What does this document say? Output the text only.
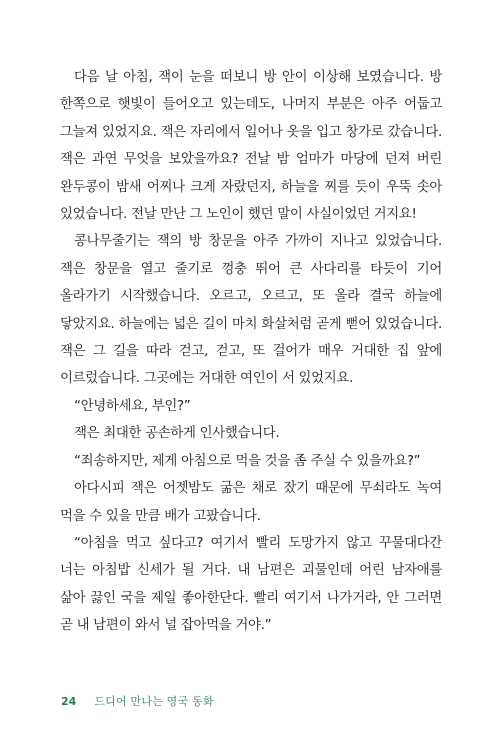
다음 날 아침, 잭이 눈을 떠보니 방 안이 이상해 보였습니다. 방 한쪽으로 햇빛이 들어오고 있는데도, 나머지 부분은 아주 어둡고 그늘져 있었지요. 잭은 자리에서 일어나 옷을 입고 창가로 갔습니다. 잭은 과연 무엇을 보았을까요? 전날 밤 엄마가 마당에 던져 버린 완두콩이 밤새 어찌나 크게 자랐던지, 하늘을 찌를 듯이 우뚝 솟아 있었습니다. 전날 만난 그 노인이 했던 말이 사실이었던 거지요!

콩나무줄기는 잭의 방 창문을 아주 가까이 지나고 있었습니다. 잭은 창문을 열고 줄기로 껑충 뛰어 큰 사다리를 타듯이 기어 올라가기 시작했습니다. 오르고, 오르고, 또 올라 결국 하늘에 닿았지요. 하늘에는 넓은 길이 마치 화살처럼 곧게 뻗어 있었습니다. 잭은 그 길을 따라 걷고, 걷고, 또 걸어가 매우 거대한 집 앞에 이르렀습니다. 그곳에는 거대한 여인이 서 있었지요.

“안녕하세요, 부인?”

잭은 최대한 공손하게 인사했습니다.

“죄송하지만, 제게 아침으로 먹을 것을 좀 주실 수 있을까요?”

아다시피 잭은 어젯밤도 굶은 채로 잤기 때문에 무쇠라도 녹여 먹을 수 있을 만큼 배가 고팠습니다.

“아침을 먹고 싶다고? 여기서 빨리 도망가지 않고 꾸물대다간 너는 아침밥 신세가 될 거다. 내 남편은 괴물인데 어린 남자애를 삶아 끓인 국을 제일 좋아한단다. 빨리 여기서 나가거라, 안 그러면 곧 내 남편이 와서 널 잡아먹을 거야.”

24 드디어 만나는 영국 동화
